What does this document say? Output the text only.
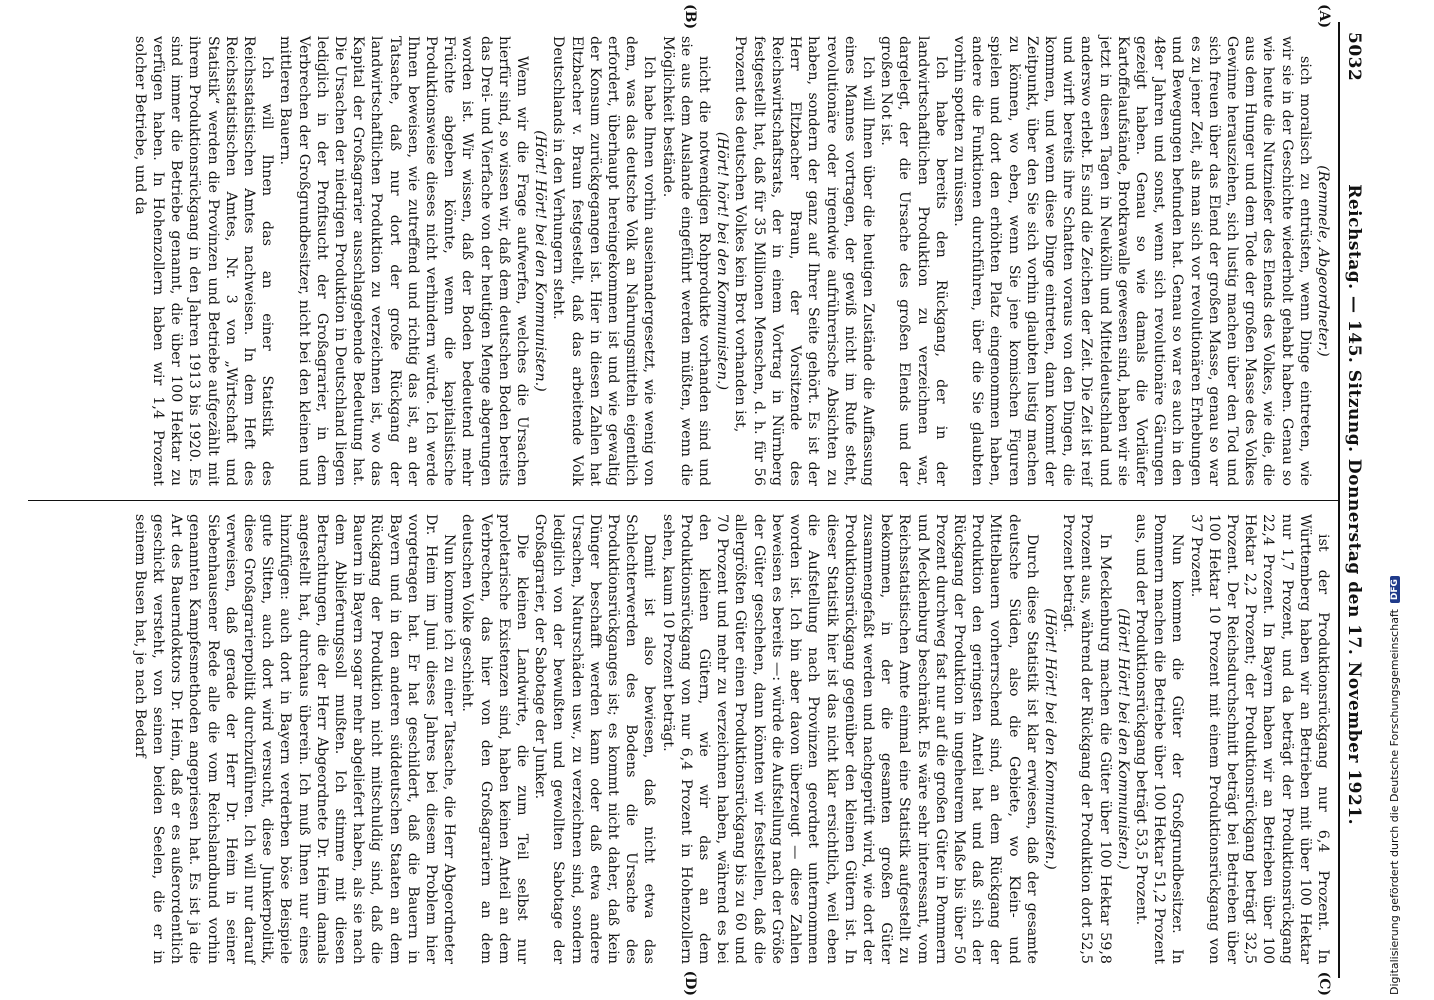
5032
Reichstag. — 145. Sitzung. Donnerstag den 17. November 1921.

(Remmele, Abgeordneter.)

sich moralisch zu entrüsten, wenn Dinge eintreten, wie wir sie in der Geschichte wiederholt gehabt haben. Genau so wie heute die Nutznießer des Elends des Volkes, wie die, die aus dem Hunger und dem Tode der großen Masse des Volkes Gewinne herausziehen, sich lustig machen über den Tod und sich freuen über das Elend der großen Masse, genau so war es zu jener Zeit, als man sich vor revolutionären Erhebungen und Bewegungen befunden hat. Genau so war es auch in den 48er Jahren und sonst, wenn sich revolutionäre Gärungen gezeigt haben. Genau so wie damals die Vorläufer Kartoffelaufstände, Brotkrawalle gewesen sind, haben wir sie jetzt in diesen Tagen in Neukölln und Mitteldeutschland und anderswo erlebt. Es sind die Zeichen der Zeit. Die Zeit ist reif und wirft bereits ihre Schatten voraus von den Dingen, die kommen, und wenn diese Dinge eintreten, dann kommt der Zeitpunkt, über den Sie sich vorhin glaubten lustig machen zu können, wo eben, wenn Sie jene komischen Figuren spielen und dort den erhöhten Platz eingenommen haben, andere die Funktionen durchführen, über die Sie glaubten vorhin spotten zu müssen.

Ich habe bereits den Rückgang, der in der landwirtschaftlichen Produktion zu verzeichnen war, dargelegt, der die Ursache des großen Elends und der großen Not ist.

Ich will Ihnen über die heutigen Zustände die Auffassung eines Mannes vortragen, der gewiß nicht im Rufe steht, revolutionäre oder irgendwie aufrührerische Absichten zu haben, sondern der ganz auf Ihrer Seite gehört. Es ist der Herr Eltzbacher Braun, der Vorsitzende des Reichswirtschaftsrats, der in einem Vortrag in Nürnberg festgestellt hat, daß für 35 Millionen Menschen, d. h. für 56 Prozent des deutschen Volkes kein Brot vorhanden ist,

(Hört! hört! bei den Kommunisten.)

nicht die notwendigen Rohprodukte vorhanden sind und sie aus dem Auslande eingeführt werden müßten, wenn die Möglichkeit bestände.

Ich habe Ihnen vorhin auseinandergesetzt, wie wenig von dem, was das deutsche Volk an Nahrungsmitteln eigentlich erfordert, überhaupt hereingekommen ist und wie gewaltig der Konsum zurückgegangen ist. Hier in diesen Zahlen hat Eltzbacher v. Braun festgestellt, daß das arbeitende Volk Deutschlands in den Verhungern steht.

(Hört! Hört! bei den Kommunisten.)

Wenn wir die Frage aufwerfen, welches die Ursachen hierfür sind, so wissen wir, daß dem deutschen Boden bereits das Drei- und Vierfache von der heutigen Menge abgerungen worden ist. Wir wissen, daß der Boden bedeutend mehr Früchte abgeben könnte, wenn die kapitalistische Produktionsweise dieses nicht verhindern würde. Ich werde Ihnen beweisen, wie zutreffend und richtig das ist, an der Tatsache, daß nur dort der große Rückgang der landwirtschaftlichen Produktion zu verzeichnen ist, wo das Kapital der Großagrarier ausschlaggebende Bedeutung hat. Die Ursachen der niedrigen Produktion in Deutschland liegen lediglich in der Profitsucht der Großagrarier, in dem Verbrechen der Großgrundbesitzer, nicht bei den kleinen und mittleren Bauern.

Ich will Ihnen das an einer Statistik des Reichsstatistischen Amtes nachweisen. In dem Heft des Reichsstatistischen Amtes, Nr. 3 von „Wirtschaft und Statistik“ werden die Provinzen und Betriebe aufgezählt mit ihrem Produktionsrückgang in den Jahren 1913 bis 1920. Es sind immer die Betriebe genannt, die über 100 Hektar zu verfügen haben. In Hohenzollern haben wir 1,4 Prozent solcher Betriebe, und da

ist der Produktionsrückgang nur 6,4 Prozent. In Württemberg haben wir an Betrieben mit über 100 Hektar nur 1,7 Prozent, und da beträgt der Produktionsrückgang 22,4 Prozent. In Bayern haben wir an Betrieben über 100 Hektar 2,2 Prozent; der Produktionsrückgang beträgt 32,5 Prozent. Der Reichsdurchschnitt beträgt bei Betrieben über 100 Hektar 10 Prozent mit einem Produktionsrückgang von 37 Prozent.

Nun kommen die Güter der Großgrundbesitzer. In Pommern machen die Betriebe über 100 Hektar 51,2 Prozent aus, und der Produktionsrückgang beträgt 53,5 Prozent.

(Hört! Hört! bei den Kommunisten.)

In Mecklenburg machen die Güter über 100 Hektar 59,8 Prozent aus, während der Rückgang der Produktion dort 52,5 Prozent beträgt.

(Hört! Hört! bei den Kommunisten.)

Durch diese Statistik ist klar erwiesen, daß der gesamte deutsche Süden, also die Gebiete, wo Klein- und Mittelbauern vorherrschend sind, an dem Rückgang der Produktion den geringsten Anteil hat und daß sich der Rückgang der Produktion in ungeheurem Maße bis über 50 Prozent durchweg fast nur auf die großen Güter in Pommern und Mecklenburg beschränkt. Es wäre sehr interessant, vom Reichsstatistischen Amte einmal eine Statistik aufgestellt zu bekommen, in der die gesamten großen Güter zusammengefaßt werden und nachgeprüft wird, wie dort der Produktionsrückgang gegenüber den kleinen Gütern ist. In dieser Statistik hier ist das nicht klar ersichtlich, weil eben die Aufstellung nach Provinzen geordnet unternommen worden ist. Ich bin aber davon überzeugt — diese Zahlen beweisen es bereits —: würde die Aufstellung nach der Größe der Güter geschehen, dann könnten wir feststellen, daß die allergrößten Güter einen Produktionsrückgang bis zu 60 und 70 Prozent und mehr zu verzeichnen haben, während es bei den kleinen Gütern, wie wir das an dem Produktionsrückgang von nur 6,4 Prozent in Hohenzollern sehen, kaum 10 Prozent beträgt.

Damit ist also bewiesen, daß nicht etwa das Schlechterwerden des Bodens die Ursache des Produktionsrückganges ist; es kommt nicht daher, daß kein Dünger beschafft werden kann oder daß etwa andere Ursachen, Naturschäden usw., zu verzeichnen sind, sondern lediglich von der bewußten und gewollten Sabotage der Großagrarier, der Sabotage der Junker.

Die kleinen Landwirte, die zum Teil selbst nur proletarische Existenzen sind, haben keinen Anteil an dem Verbrechen, das hier von den Großagrariern an dem deutschen Volke geschieht.

Nun komme ich zu einer Tatsache, die Herr Abgeordneter Dr. Heim im Juni dieses Jahres bei diesem Problem hier vorgetragen hat. Er hat geschildert, daß die Bauern in Bayern und in den anderen süddeutschen Staaten an dem Rückgang der Produktion nicht mitschuldig sind, daß die Bauern in Bayern sogar mehr abgeliefert haben, als sie nach dem Ablieferungssoll mußten. Ich stimme mit diesen Betrachtungen, die der Herr Abgeordnete Dr. Heim damals angestellt hat, durchaus überein. Ich muß Ihnen nur eines hinzufügen: auch dort in Bayern verderben böse Beispiele gute Sitten, auch dort wird versucht, diese Junkerpolitik, diese Großagrarierpolitik durchzuführen. Ich will nur darauf verweisen, daß gerade der Herr Dr. Heim in seiner Siebenhausener Rede alle die vom Reichslandbund vorhin genannten Kampfesmethoden angepriesen hat. Es ist ja die Art des Bauerndoktors Dr. Heim, daß er es außerordentlich geschickt versteht, von seinen beiden Seelen, die er in seinem Busen hat, je nach Bedarf

(A)
(B)
(C)
(D)	Digitalisierung gefördert durch die Deutsche Forschungsgemeinschaft
DFG
